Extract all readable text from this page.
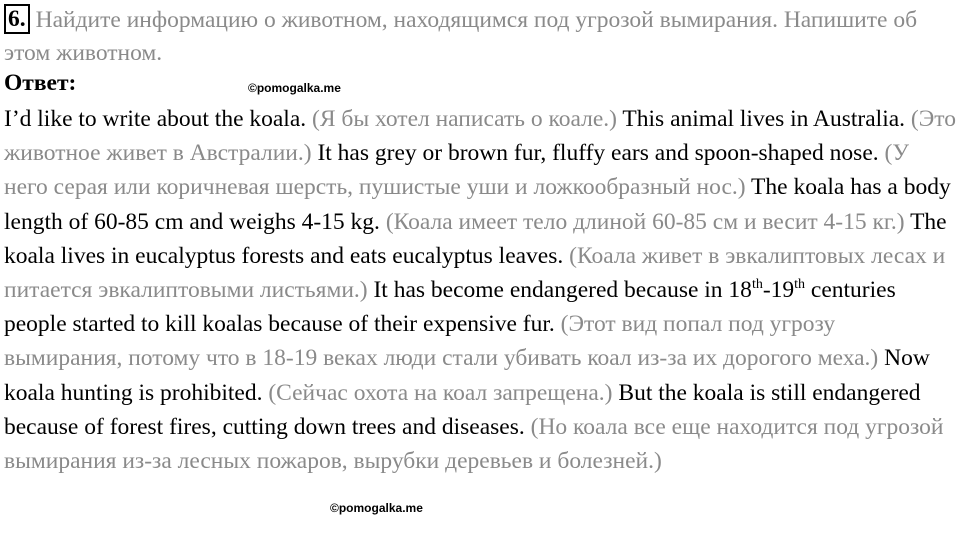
6. Найдите информацию о животном, находящимся под угрозой вымирания. Напишите об этом животном.

Ответ:	©pomogalka.me

I’d like to write about the koala. (Я бы хотел написать о коале.) This animal lives in Australia. (Это животное живет в Австралии.) It has grey or brown fur, fluffy ears and spoon-shaped nose. (У него серая или коричневая шерсть, пушистые уши и ложкообразный нос.) The koala has a body length of 60-85 cm and weighs 4-15 kg. (Коала имеет тело длиной 60-85 см и весит 4-15 кг.) The koala lives in eucalyptus forests and eats eucalyptus leaves. (Коала живет в эвкалиптовых лесах и питается эвкалиптовыми листьями.) It has become endangered because in 18th-19th centuries people started to kill koalas because of their expensive fur. (Этот вид попал под угрозу вымирания, потому что в 18-19 веках люди стали убивать коал из-за их дорогого меха.) Now koala hunting is prohibited. (Сейчас охота на коал запрещена.) But the koala is still endangered because of forest fires, cutting down trees and diseases. (Но коала все еще находится под угрозой вымирания из-за лесных пожаров, вырубки деревьев и болезней.)

©pomogalka.me
